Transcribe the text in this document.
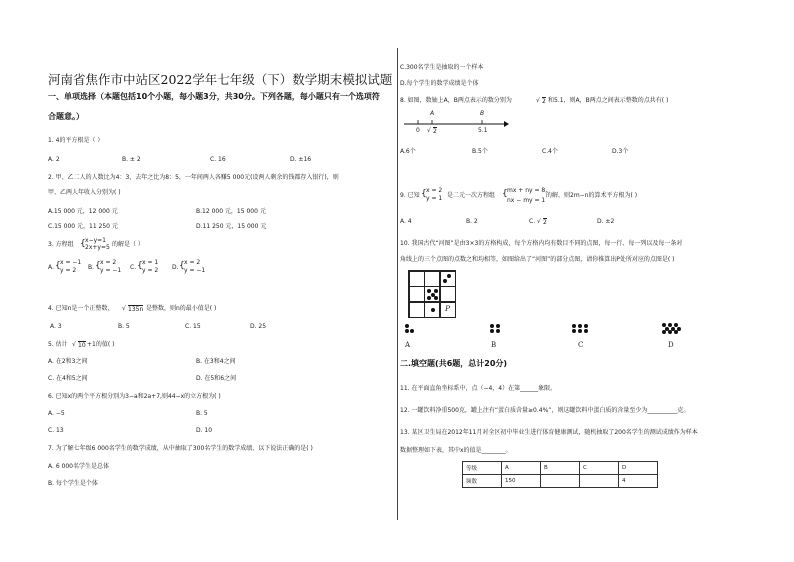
河南省焦作市中站区2022学年七年级（下）数学期末模拟试题
一、单项选择（本题包括10个小题，每小题3分，共30分。下列各题，每小题只有一个选项符
合题意。）
1. 4的平方根是（ ）
A. 2	B. ± 2	C. 16	D. ±16
2. 甲、乙二人的人数比为4：3，去年之比为8：5，一年间两人各赚5 000元(设两人剩余的钱都存入银行)，则
甲、乙两人年收入分别为( )
A.15 000 元，12 000 元	B.12 000 元，15 000 元
C.15 000 元，11 250 元	D.11 250 元，15 000 元
3. 方程组 { x−y=1
2x+y=5 的解是（ ）
A. { x = −1
y = 2 B. { x = 2
y = −1 C. { x = 1
y = 2 D. { x = 2
y = −1
4. 已知n是一个正整数， √ 135n 是整数，则n的最小值是( )
A. 3	B. 5	C. 15	D. 25
5. 估计 √ 10 +1的值( )
A. 在2和3之间	B. 在3和4之间
C. 在4和5之间	D. 在5和6之间
6. 已知x的两个平方根分别为3−a和2a+7,则44−x的立方根为( )
A. −5	B. 5
C. 13	D. 10
7. 为了解七年级6 000名学生的数学成绩，从中抽取了300名学生的数学成绩，以下说法正确的是( )
A. 6 000名学生是总体
B. 每个学生是个体
C.300名学生是抽取的一个样本
D.每个学生的数学成绩是个体
8. 如图，数轴上A，B两点表示的数分别为	√ 2 和5.1，则A，B两点之间表示整数的点共有( )
A	B
0 √ 2	5.1
A.6个	B.5个	C.4个	D.3个
9. 已知 { x = 2
y = 1 是二元一次方程组 { mx + ny = 8,
nx − my = 1
的解，则2m−n的算术平方根为( )
A. 4	B. 2	C. √ 2	D. ±2
10. 我国古代“河图”是由3×3的方格构成，每个方格内均有数目不同的点图，每一行、每一列以及每一条对
角线上的三个点图的点数之和均相等，如图给出了“河图”的部分点图，请你推算出P处所对应的点图是( )
P
A	B	C	D
二.填空题(共6题，总计20分)
11. 在平面直角坐标系中，点（−4，4）在第______象限。
12. 一罐饮料净重500克，罐上注有“蛋白质含量≥0.4%”，则这罐饮料中蛋白质的含量至少为__________克。
13. 某区卫生局在2012年11月对全区初中毕业生进行体育健康测试，随机抽取了200名学生的测试成绩作为样本
数据整理如下表，其中x的值是________。
等级	A	B	C	D
频数	150			4
